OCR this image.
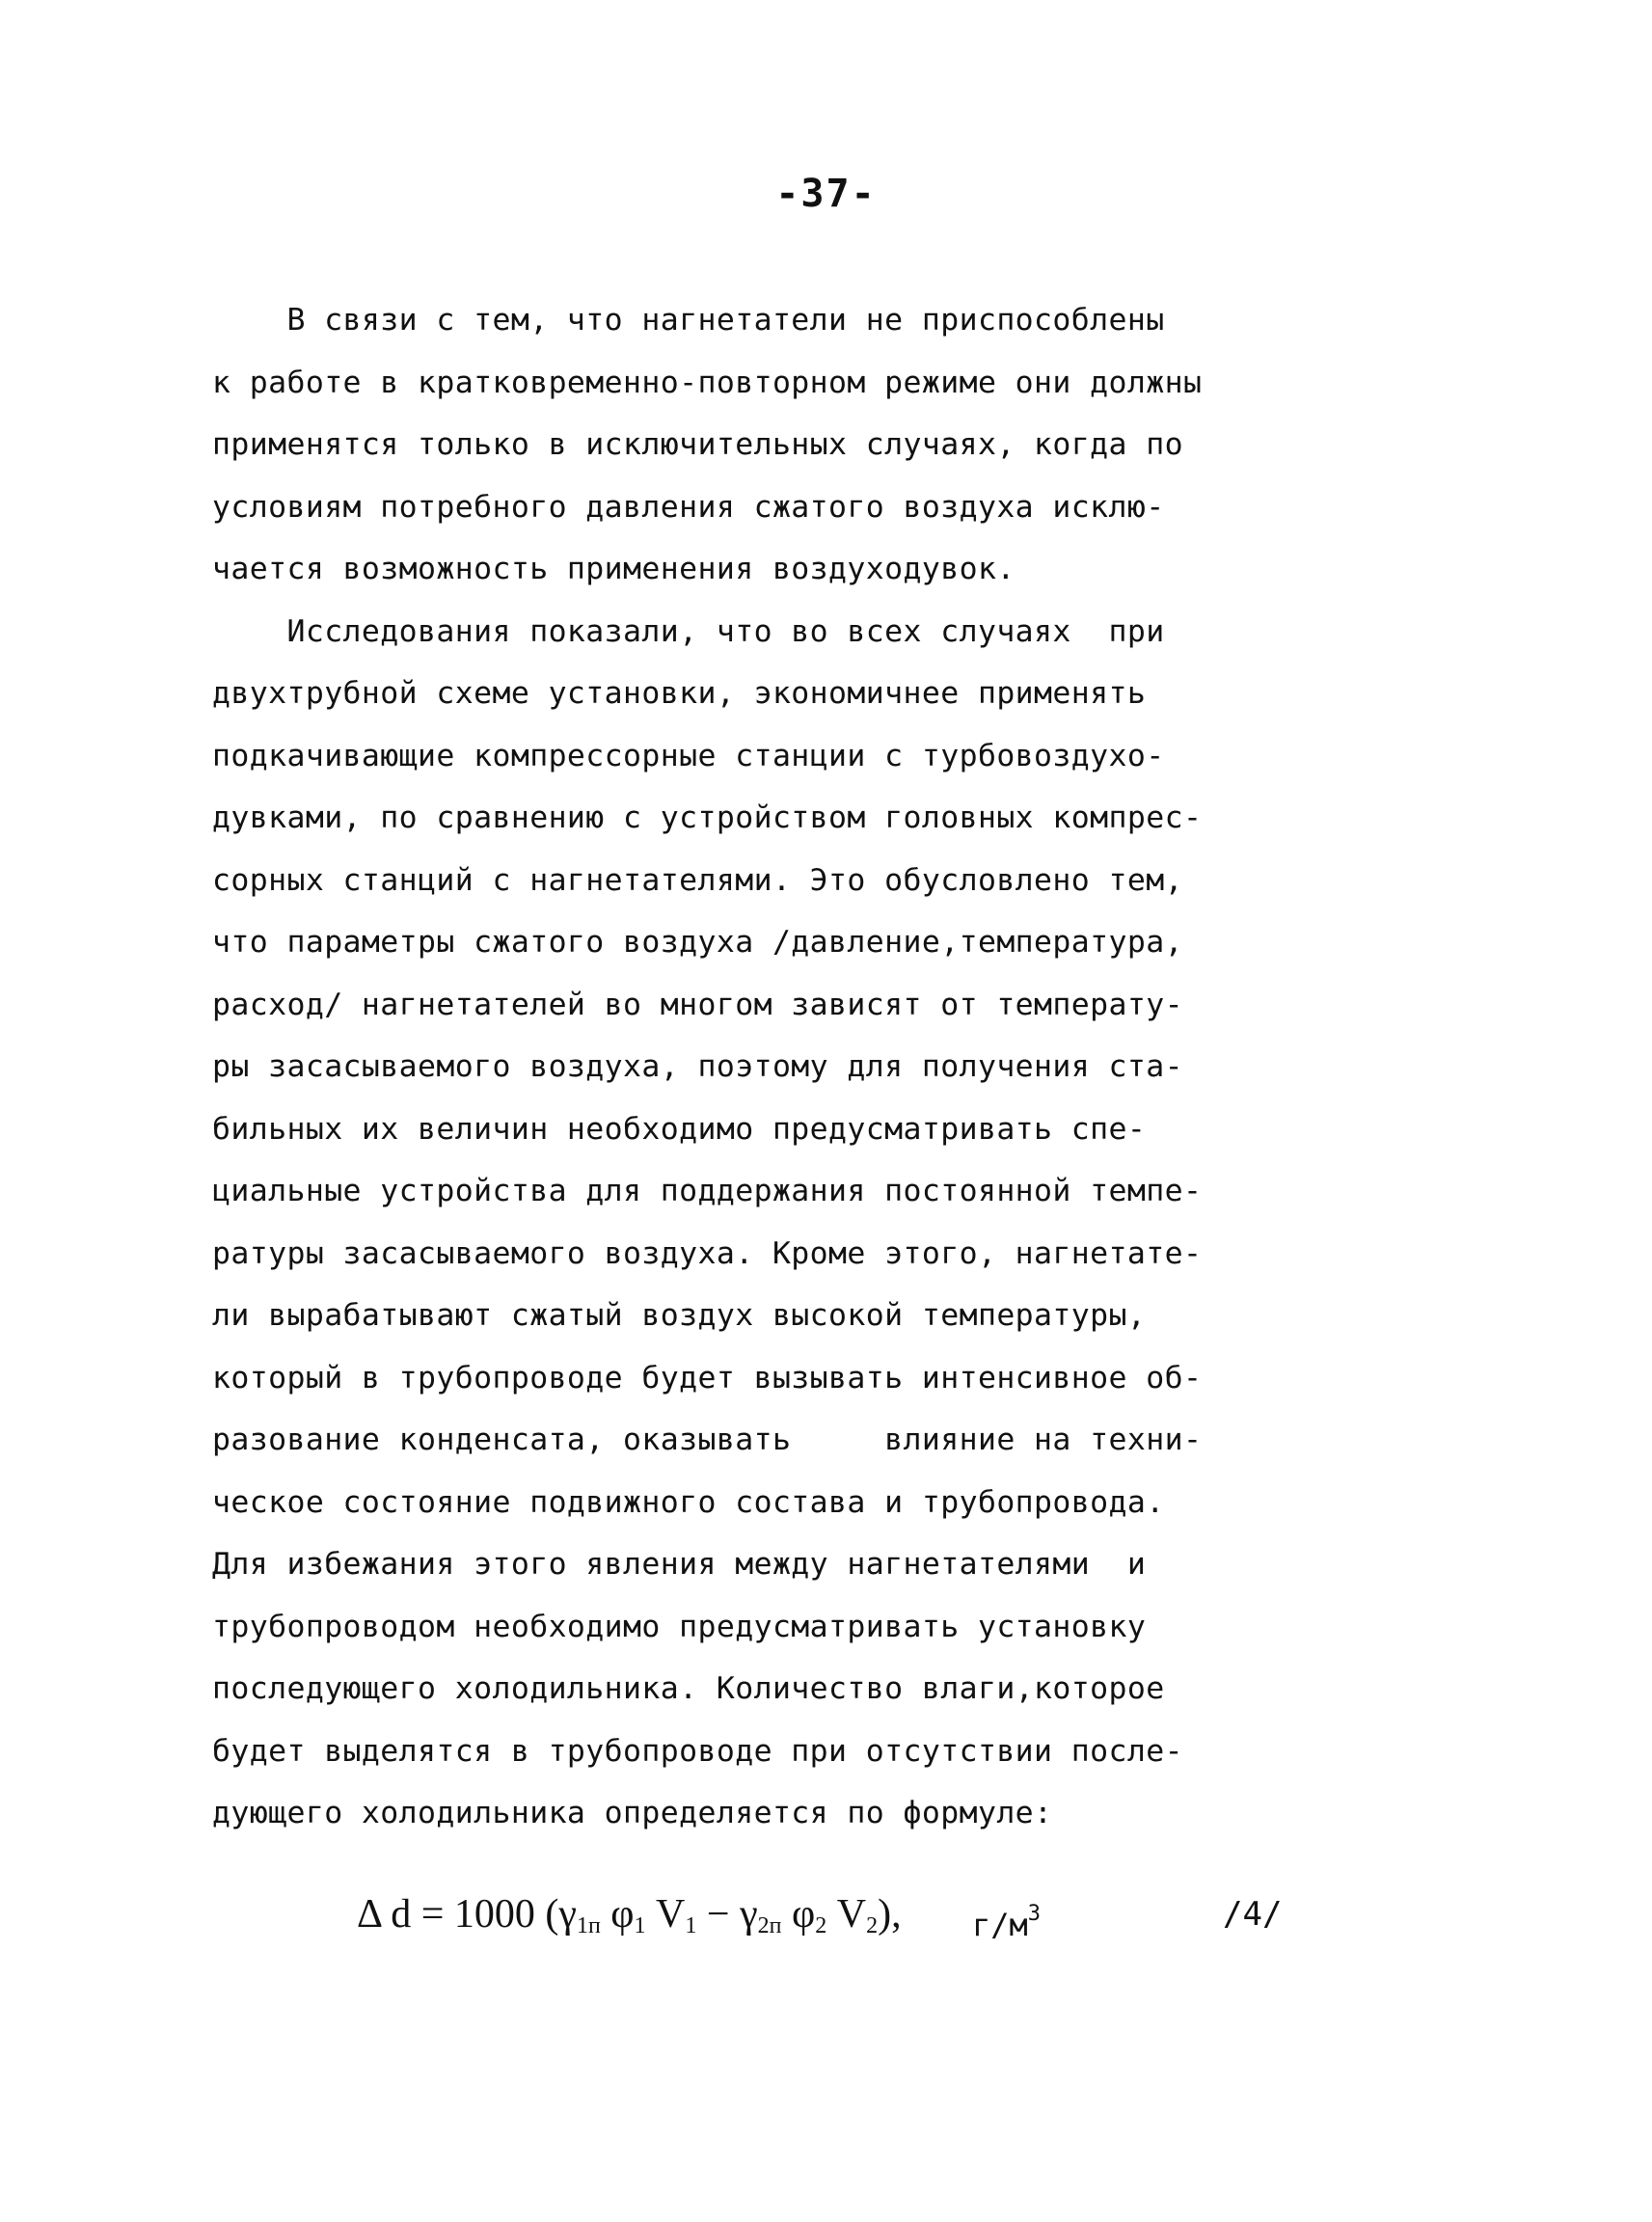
-37-
В связи с тем, что нагнетатели не приспособлены
к работе в кратковременно-повторном режиме они должны
применятся только в исключительных случаях, когда по
условиям потребного давления сжатого воздуха исклю-
чается возможность применения воздуходувок.
Исследования показали, что во всех случаях  при
двухтрубной схеме установки, экономичнее применять
подкачивающие компрессорные станции с турбовоздухо-
дувками, по сравнению с устройством головных компрес-
сорных станций с нагнетателями. Это обусловлено тем,
что параметры сжатого воздуха /давление,температура,
расход/ нагнетателей во многом зависят от температу-
ры засасываемого воздуха, поэтому для получения ста-
бильных их величин необходимо предусматривать спе-
циальные устройства для поддержания постоянной темпе-
ратуры засасываемого воздуха. Кроме этого, нагнетате-
ли вырабатывают сжатый воздух высокой температуры,
который в трубопроводе будет вызывать интенсивное об-
разование конденсата, оказывать     влияние на техни-
ческое состояние подвижного состава и трубопровода.
Для избежания этого явления между нагнетателями  и
трубопроводом необходимо предусматривать установку
последующего холодильника. Количество влаги,которое
будет выделятся в трубопроводе при отсутствии после-
дующего холодильника определяется по формуле:
Δ d = 1000 ($\gamma_{1п}$ $\varphi_1$ $V_1 - \gamma_{2п}$ $\varphi_2$ $V_2$), $г/м^3$	/4/
